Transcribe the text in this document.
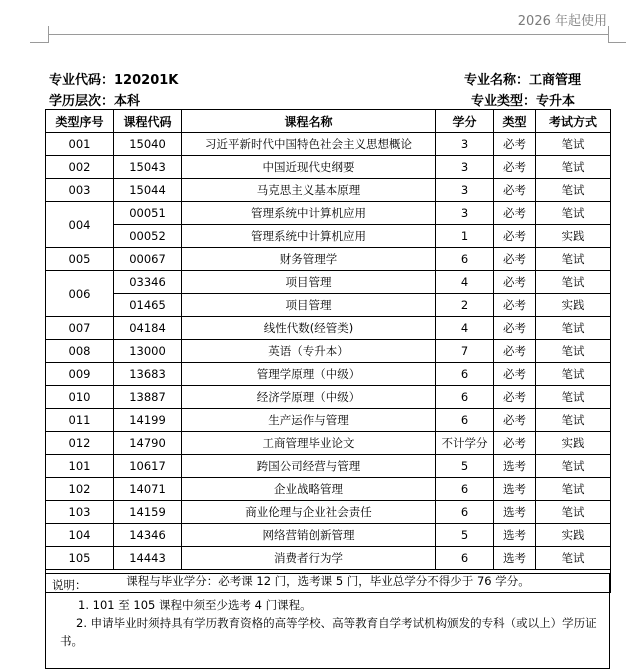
2026 年起使用
专业代码：120201K	专业名称：工商管理
学历层次：本科	专业类型：专升本
类型序号	课程代码	课程名称	学分	类型	考试方式
001	15040	习近平新时代中国特色社会主义思想概论	3	必考	笔试
002	15043	中国近现代史纲要	3	必考	笔试
003	15044	马克思主义基本原理	3	必考	笔试
004	00051	管理系统中计算机应用	3	必考	笔试
	00052	管理系统中计算机应用	1	必考	实践
005	00067	财务管理学	6	必考	笔试
006	03346	项目管理	4	必考	笔试
	01465	项目管理	2	必考	实践
007	04184	线性代数(经管类)	4	必考	笔试
008	13000	英语（专升本）	7	必考	笔试
009	13683	管理学原理（中级）	6	必考	笔试
010	13887	经济学原理（中级）	6	必考	笔试
011	14199	生产运作与管理	6	必考	笔试
012	14790	工商管理毕业论文	不计学分	必考	实践
101	10617	跨国公司经营与管理	5	选考	笔试
102	14071	企业战略管理	6	选考	笔试
103	14159	商业伦理与企业社会责任	6	选考	笔试
104	14346	网络营销创新管理	5	选考	实践
105	14443	消费者行为学	6	选考	笔试
课程与毕业学分：必考课 12 门，选考课 5 门，毕业总学分不得少于 76 学分。					
说明：
1. 101 至 105 课程中须至少选考 4 门课程。
2. 申请毕业时须持具有学历教育资格的高等学校、高等教育自学考试机构颁发的专科（或以上）学历证书。
